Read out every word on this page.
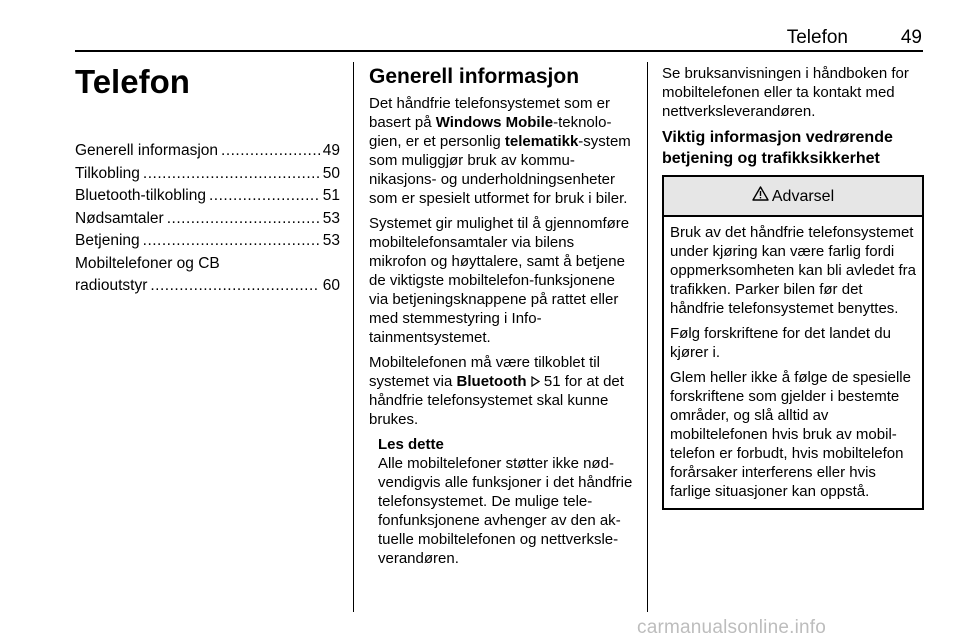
Telefon	49
Telefon
Generell informasjon .....	49
Tilkobling .....	50
Bluetooth-tilkobling .....	51
Nødsamtaler .....	53
Betjening .....	53
Mobiltelefoner og CB
radioutstyr .....	60
Generell informasjon

Det håndfrie telefonsystemet som er basert på Windows Mobile-teknologien, er et personlig telematikk-system som muliggjør bruk av kommunikasjons- og underholdningsenheter som er spesielt utformet for bruk i biler.

Systemet gir mulighet til å gjennomføre mobiltelefonsamtaler via bilens mikrofon og høyttalere, samt å betjene de viktigste mobiltelefon-funksjonene via betjeningsknappene på rattet eller med stemmestyring i Infotainmentsystemet.

Mobiltelefonen må være tilkoblet til systemet via Bluetooth 51 for at det håndfrie telefonsystemet skal kunne brukes.

Les dette
Alle mobiltelefoner støtter ikke nødvendigvis alle funksjoner i det håndfrie telefonsystemet. De mulige telefonfunksjonene avhenger av den aktuelle mobiltelefonen og nettverksleverandøren.

Se bruksanvisningen i håndboken for mobiltelefonen eller ta kontakt med nettverksleverandøren.

Viktig informasjon vedrørende betjening og trafikksikkerhet
Advarsel

Bruk av det håndfrie telefonsystemet under kjøring kan være farlig fordi oppmerksomheten kan bli avledet fra trafikken. Parker bilen før det håndfrie telefonsystemet benyttes.

Følg forskriftene for det landet du kjører i.

Glem heller ikke å følge de spesielle forskriftene som gjelder i bestemte områder, og slå alltid av mobiltelefonen hvis bruk av mobiltelefon er forbudt, hvis mobiltelefon forårsaker interferens eller hvis farlige situasjoner kan oppstå.

carmanualsonline.info
